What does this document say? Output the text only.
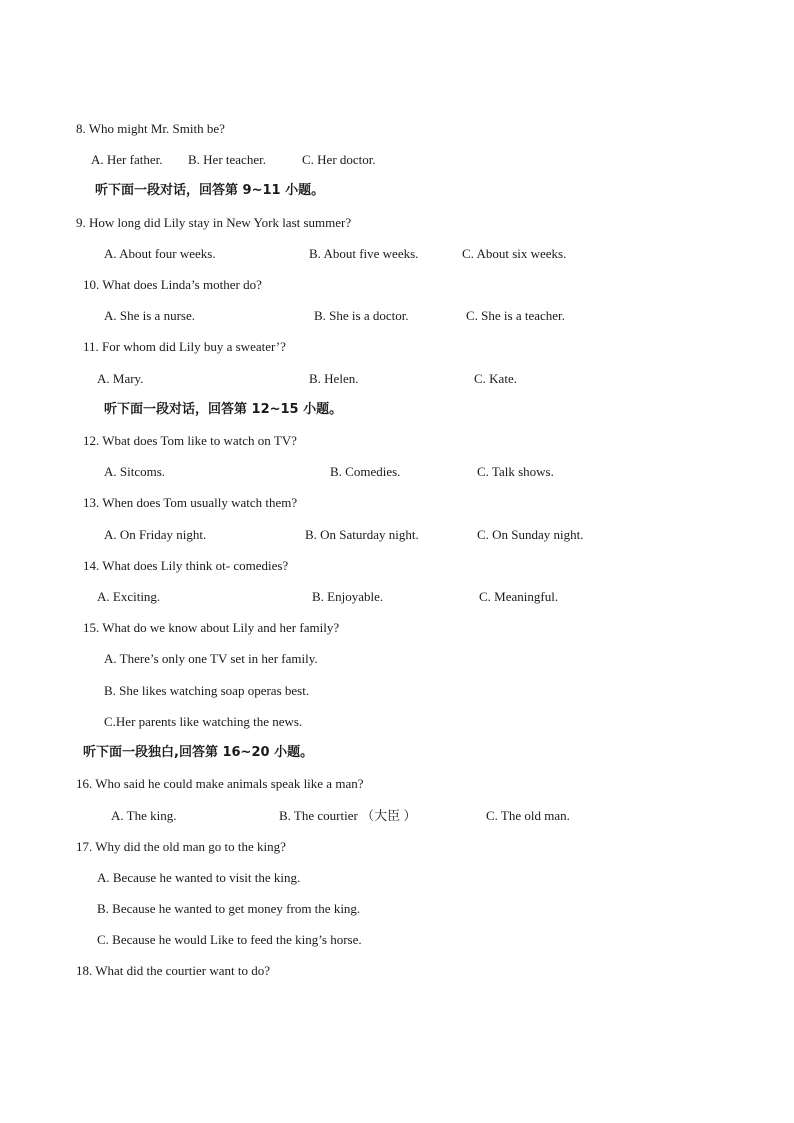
8. Who might Mr. Smith be?
A. Her father. B. Her teacher.	C. Her doctor.
听下面一段对话，回答第 9~11 小题。
9. How long did Lily stay in New York last summer?
A. About four weeks.	B. About five weeks.	C. About six weeks.
10. What does Linda’s mother do?
A. She is a nurse.	B. She is a doctor.	C. She is a teacher.
11. For whom did Lily buy a sweater’?
A. Mary.	B. Helen.	C. Kate.
听下面一段对话，回答第 12~15 小题。
12. Wbat does Tom like to watch on TV?
A. Sitcoms.	B. Comedies.	C. Talk shows.
13. When does Tom usually watch them?
A. On Friday night.	B. On Saturday night.	C. On Sunday night.
14. What does Lily think ot- comedies?
A. Exciting.	B. Enjoyable.	C. Meaningful.
15. What do we know about Lily and her family?
A. There’s only one TV set in her family.
B. She likes watching soap operas best.
C.Her parents like watching the news.
听下面一段独白,回答第 16~20 小题。
16. Who said he could make animals speak like a man?
A. The king.	B. The courtier （大臣 ）	C. The old man.
17. Why did the old man go to the king?
A. Because he wanted to visit the king.
B. Because he wanted to get money from the king.
C. Because he would Like to feed the king’s horse.
18. What did the courtier want to do?
